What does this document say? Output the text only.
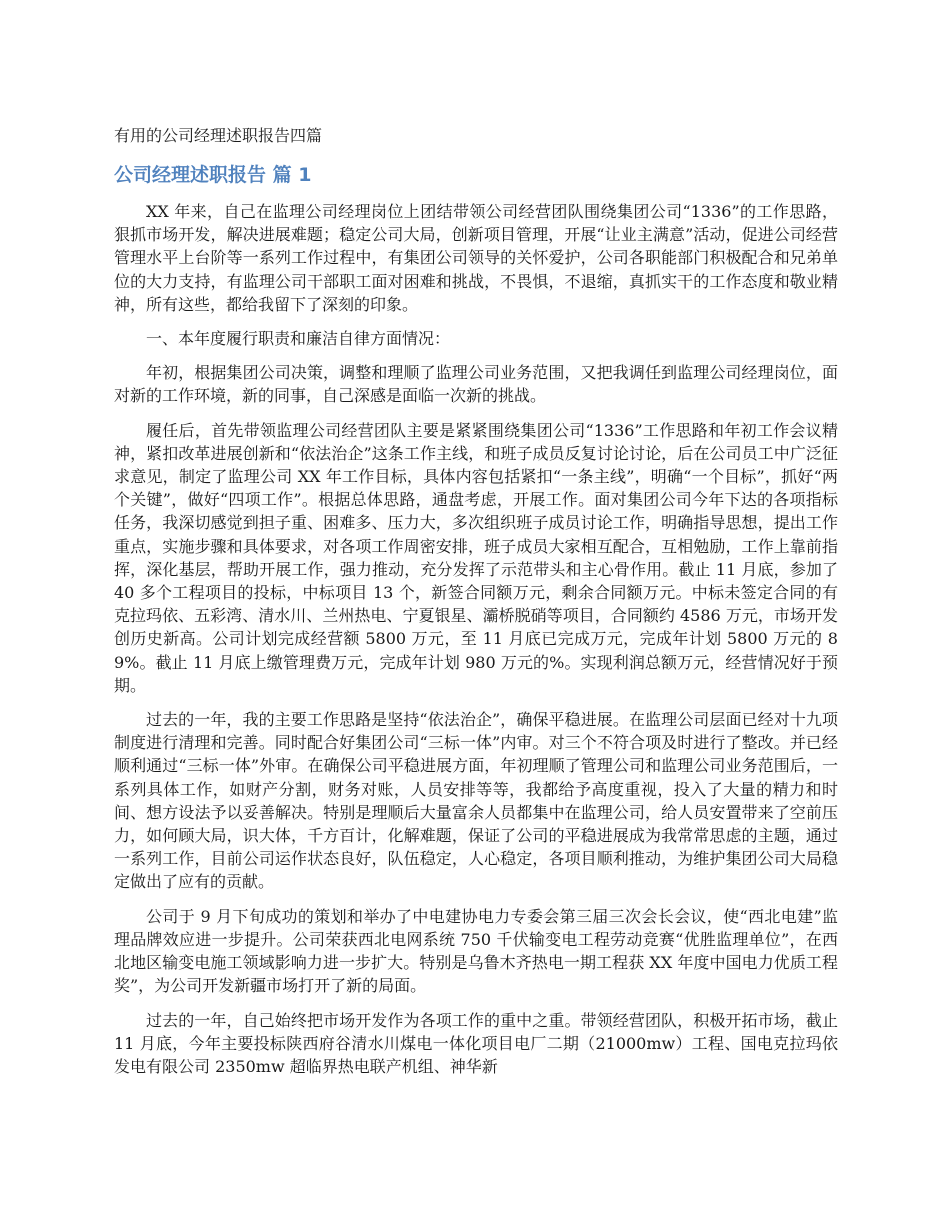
有用的公司经理述职报告四篇
公司经理述职报告 篇 1

XX 年来，自己在监理公司经理岗位上团结带领公司经营团队围绕集团公司“1336”的工作思路，狠抓市场开发，解决进展难题；稳定公司大局，创新项目管理，开展“让业主满意”活动，促进公司经营管理水平上台阶等一系列工作过程中，有集团公司领导的关怀爱护，公司各职能部门积极配合和兄弟单位的大力支持，有监理公司干部职工面对困难和挑战，不畏惧，不退缩，真抓实干的工作态度和敬业精神，所有这些，都给我留下了深刻的印象。

一、本年度履行职责和廉洁自律方面情况：

年初，根据集团公司决策，调整和理顺了监理公司业务范围，又把我调任到监理公司经理岗位，面对新的工作环境，新的同事，自己深感是面临一次新的挑战。

履任后，首先带领监理公司经营团队主要是紧紧围绕集团公司“1336”工作思路和年初工作会议精神，紧扣改革进展创新和“依法治企”这条工作主线，和班子成员反复讨论讨论，后在公司员工中广泛征求意见，制定了监理公司 XX 年工作目标，具体内容包括紧扣“一条主线”，明确“一个目标”，抓好“两个关键”，做好“四项工作”。根据总体思路，通盘考虑，开展工作。面对集团公司今年下达的各项指标任务，我深切感觉到担子重、困难多、压力大，多次组织班子成员讨论工作，明确指导思想，提出工作重点，实施步骤和具体要求，对各项工作周密安排，班子成员大家相互配合，互相勉励，工作上靠前指挥，深化基层，帮助开展工作，强力推动，充分发挥了示范带头和主心骨作用。截止 11 月底，参加了 40 多个工程项目的投标，中标项目 13 个，新签合同额万元，剩余合同额万元。中标未签定合同的有克拉玛依、五彩湾、清水川、兰州热电、宁夏银星、灞桥脱硝等项目，合同额约 4586 万元，市场开发创历史新高。公司计划完成经营额 5800 万元，至 11 月底已完成万元，完成年计划 5800 万元的 89%。截止 11 月底上缴管理费万元，完成年计划 980 万元的%。实现利润总额万元，经营情况好于预期。

过去的一年，我的主要工作思路是坚持“依法治企”，确保平稳进展。在监理公司层面已经对十九项制度进行清理和完善。同时配合好集团公司“三标一体”内审。对三个不符合项及时进行了整改。并已经顺利通过“三标一体”外审。在确保公司平稳进展方面，年初理顺了管理公司和监理公司业务范围后，一系列具体工作，如财产分割，财务对账，人员安排等等，我都给予高度重视，投入了大量的精力和时间、想方设法予以妥善解决。特别是理顺后大量富余人员都集中在监理公司，给人员安置带来了空前压力，如何顾大局，识大体，千方百计，化解难题，保证了公司的平稳进展成为我常常思虑的主题，通过一系列工作，目前公司运作状态良好，队伍稳定，人心稳定，各项目顺利推动，为维护集团公司大局稳定做出了应有的贡献。

公司于 9 月下旬成功的策划和举办了中电建协电力专委会第三届三次会长会议，使“西北电建”监理品牌效应进一步提升。公司荣获西北电网系统 750 千伏输变电工程劳动竞赛“优胜监理单位”，在西北地区输变电施工领域影响力进一步扩大。特别是乌鲁木齐热电一期工程获 XX 年度中国电力优质工程奖”，为公司开发新疆市场打开了新的局面。

过去的一年，自己始终把市场开发作为各项工作的重中之重。带领经营团队，积极开拓市场，截止 11 月底，今年主要投标陕西府谷清水川煤电一体化项目电厂二期（21000mw）工程、国电克拉玛依发电有限公司 2350mw 超临界热电联产机组、神华新
